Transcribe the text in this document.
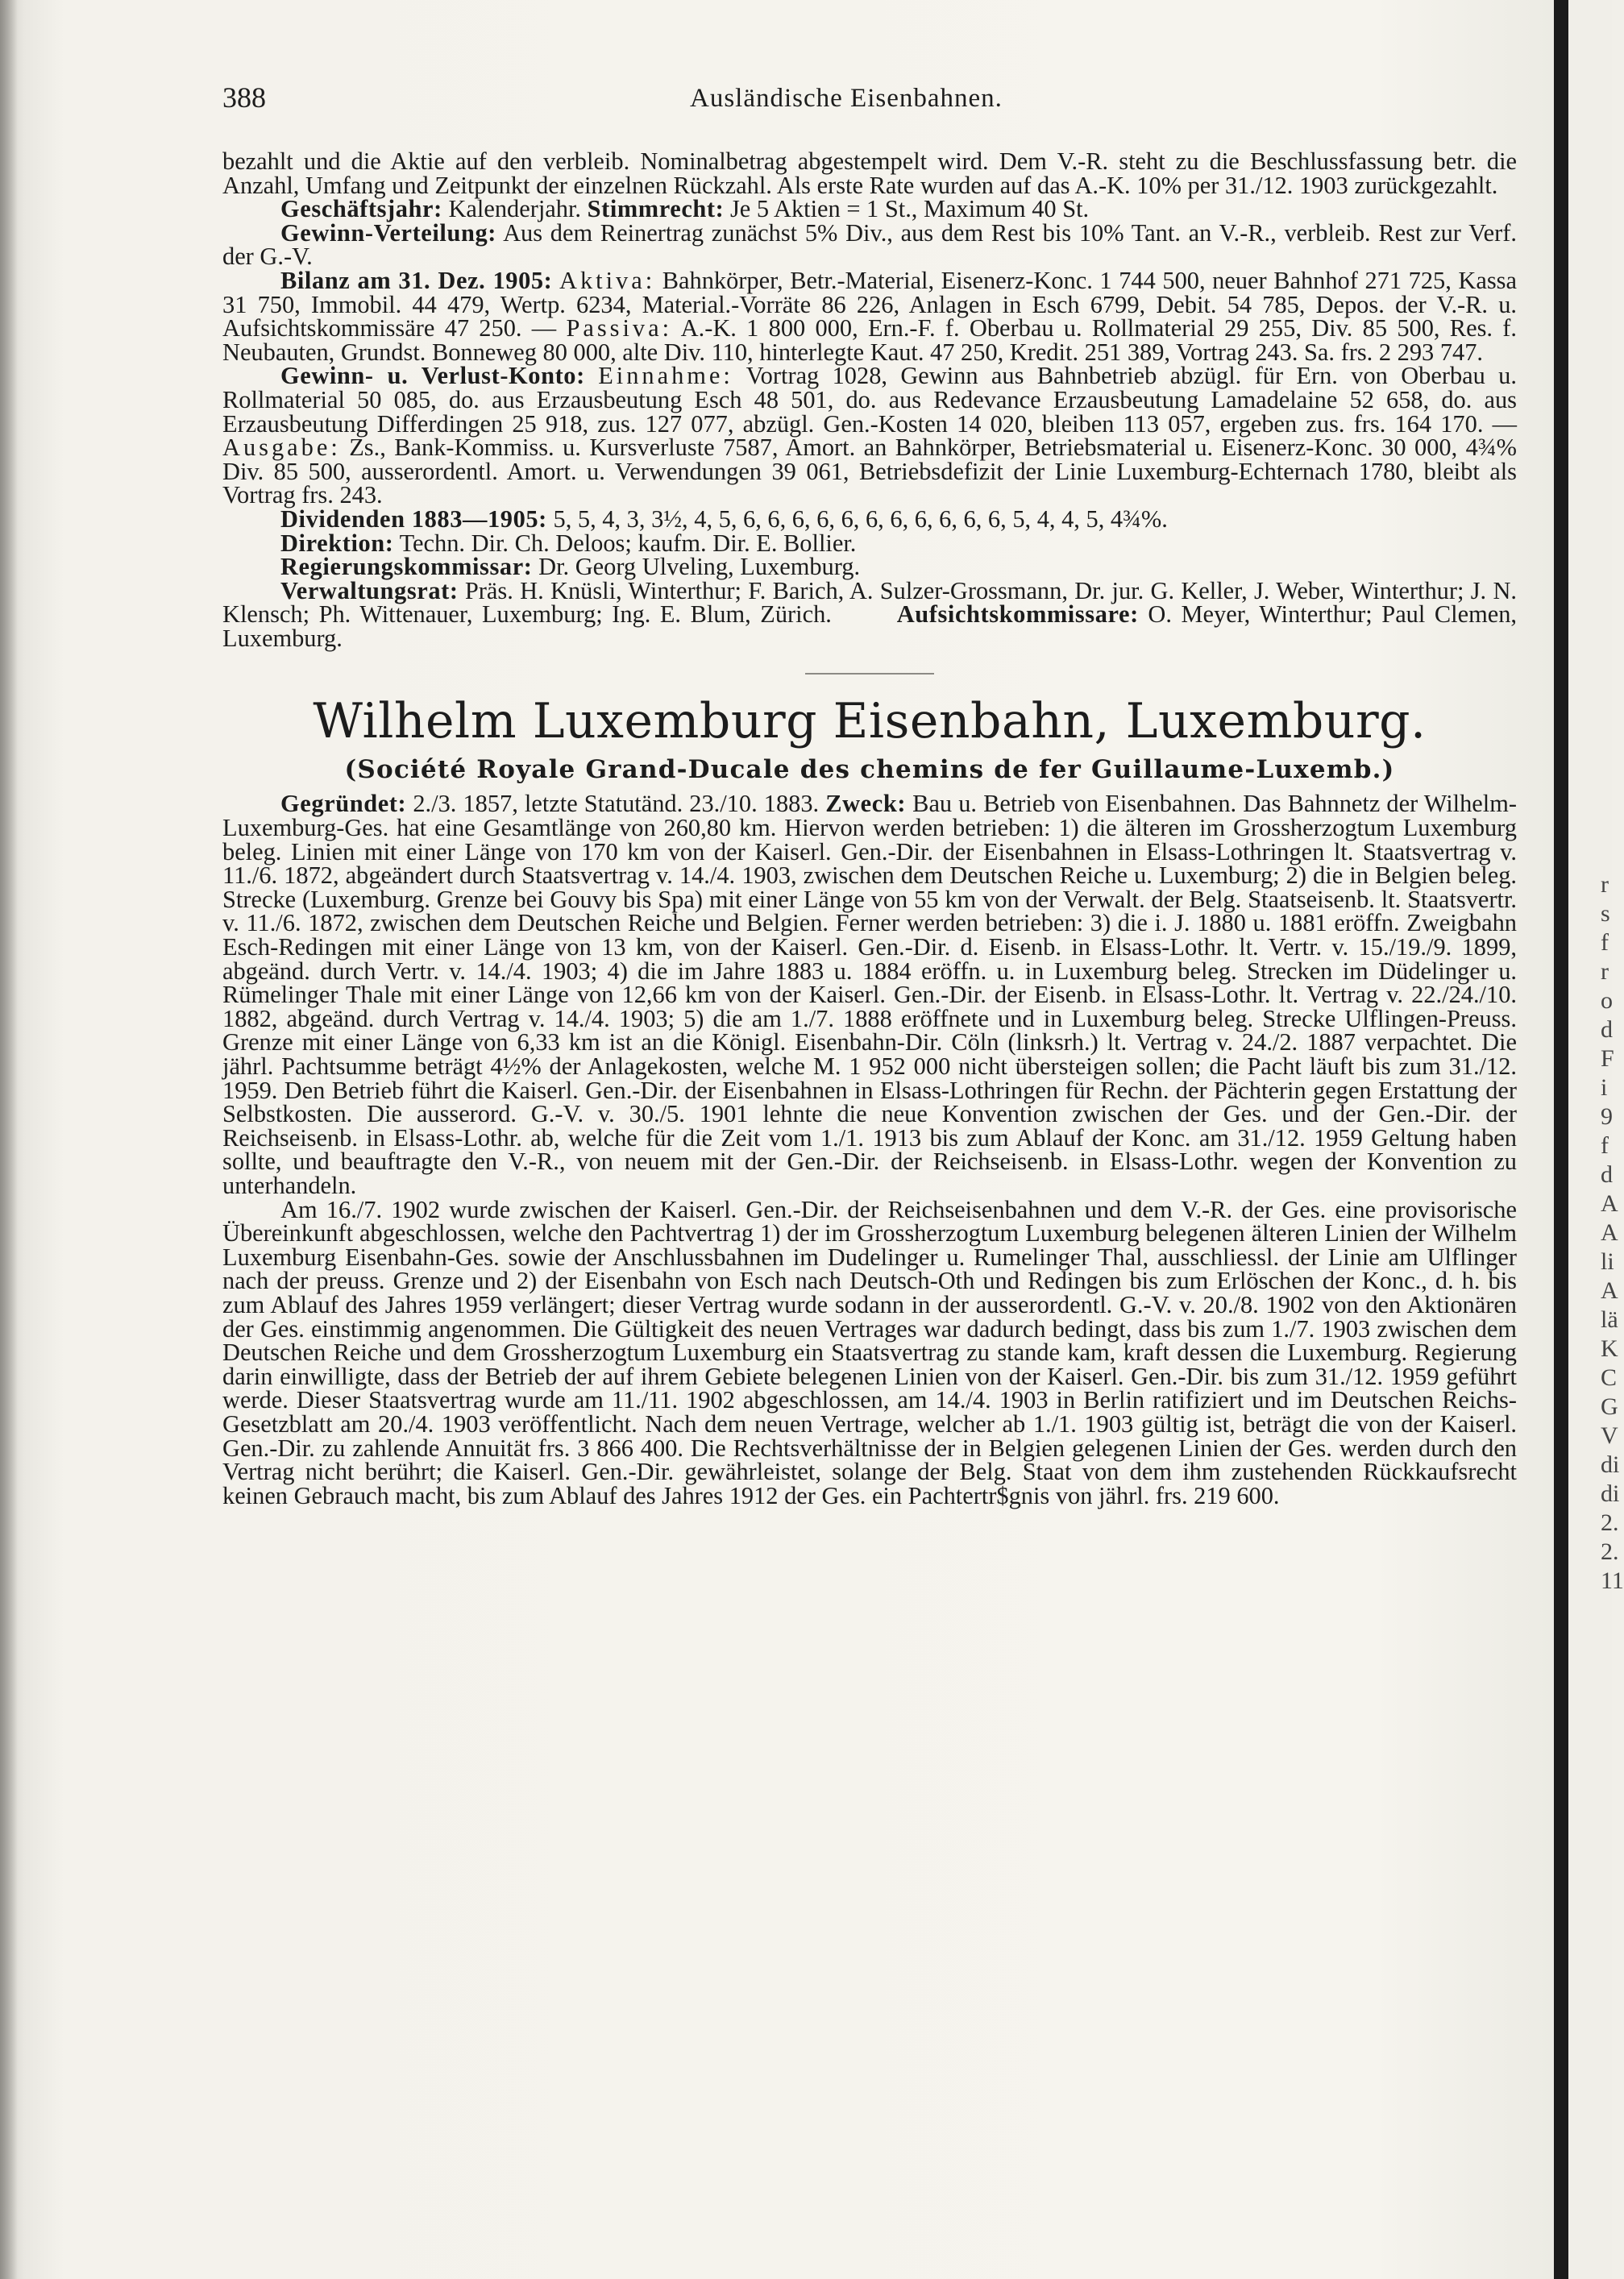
r
s
f
r
o
d
F
i
9
f
d
A
A
li
A
lä
K
C
G
V
di
di
2.
2.
11
388	Ausländische Eisenbahnen.

bezahlt und die Aktie auf den verbleib. Nominalbetrag abgestempelt wird. Dem V.-R. steht zu die Beschlussfassung betr. die Anzahl, Umfang und Zeitpunkt der einzelnen Rückzahl. Als erste Rate wurden auf das A.-K. 10% per 31./12. 1903 zurückgezahlt.

Geschäftsjahr: Kalenderjahr. Stimmrecht: Je 5 Aktien = 1 St., Maximum 40 St.

Gewinn-Verteilung: Aus dem Reinertrag zunächst 5% Div., aus dem Rest bis 10% Tant. an V.-R., verbleib. Rest zur Verf. der G.-V.

Bilanz am 31. Dez. 1905: Aktiva: Bahnkörper, Betr.-Material, Eisenerz-Konc. 1 744 500, neuer Bahnhof 271 725, Kassa 31 750, Immobil. 44 479, Wertp. 6234, Material.-Vorräte 86 226, Anlagen in Esch 6799, Debit. 54 785, Depos. der V.-R. u. Aufsichtskommissäre 47 250. — Passiva: A.-K. 1 800 000, Ern.-F. f. Oberbau u. Rollmaterial 29 255, Div. 85 500, Res. f. Neubauten, Grundst. Bonneweg 80 000, alte Div. 110, hinterlegte Kaut. 47 250, Kredit. 251 389, Vortrag 243. Sa. frs. 2 293 747.

Gewinn- u. Verlust-Konto: Einnahme: Vortrag 1028, Gewinn aus Bahnbetrieb abzügl. für Ern. von Oberbau u. Rollmaterial 50 085, do. aus Erzausbeutung Esch 48 501, do. aus Redevance Erzausbeutung Lamadelaine 52 658, do. aus Erzausbeutung Differdingen 25 918, zus. 127 077, abzügl. Gen.-Kosten 14 020, bleiben 113 057, ergeben zus. frs. 164 170. — Ausgabe: Zs., Bank-Kommiss. u. Kursverluste 7587, Amort. an Bahnkörper, Betriebsmaterial u. Eisenerz-Konc. 30 000, 4¾% Div. 85 500, ausserordentl. Amort. u. Verwendungen 39 061, Betriebsdefizit der Linie Luxemburg-Echternach 1780, bleibt als Vortrag frs. 243.

Dividenden 1883—1905: 5, 5, 4, 3, 3½, 4, 5, 6, 6, 6, 6, 6, 6, 6, 6, 6, 6, 6, 5, 4, 4, 5, 4¾%.

Direktion: Techn. Dir. Ch. Deloos; kaufm. Dir. E. Bollier.

Regierungskommissar: Dr. Georg Ulveling, Luxemburg.

Verwaltungsrat: Präs. H. Knüsli, Winterthur; F. Barich, A. Sulzer-Grossmann, Dr. jur. G. Keller, J. Weber, Winterthur; J. N. Klensch; Ph. Wittenauer, Luxemburg; Ing. E. Blum, Zürich.	Aufsichtskommissare: O. Meyer, Winterthur; Paul Clemen, Luxemburg.

Wilhelm Luxemburg Eisenbahn, Luxemburg.
(Société Royale Grand-Ducale des chemins de fer Guillaume-Luxemb.)

Gegründet: 2./3. 1857, letzte Statutänd. 23./10. 1883. Zweck: Bau u. Betrieb von Eisenbahnen. Das Bahnnetz der Wilhelm-Luxemburg-Ges. hat eine Gesamtlänge von 260,80 km. Hiervon werden betrieben: 1) die älteren im Grossherzogtum Luxemburg beleg. Linien mit einer Länge von 170 km von der Kaiserl. Gen.-Dir. der Eisenbahnen in Elsass-Lothringen lt. Staatsvertrag v. 11./6. 1872, abgeändert durch Staatsvertrag v. 14./4. 1903, zwischen dem Deutschen Reiche u. Luxemburg; 2) die in Belgien beleg. Strecke (Luxemburg. Grenze bei Gouvy bis Spa) mit einer Länge von 55 km von der Verwalt. der Belg. Staatseisenb. lt. Staatsvertr. v. 11./6. 1872, zwischen dem Deutschen Reiche und Belgien. Ferner werden betrieben: 3) die i. J. 1880 u. 1881 eröffn. Zweigbahn Esch-Redingen mit einer Länge von 13 km, von der Kaiserl. Gen.-Dir. d. Eisenb. in Elsass-Lothr. lt. Vertr. v. 15./19./9. 1899, abgeänd. durch Vertr. v. 14./4. 1903; 4) die im Jahre 1883 u. 1884 eröffn. u. in Luxemburg beleg. Strecken im Düdelinger u. Rümelinger Thale mit einer Länge von 12,66 km von der Kaiserl. Gen.-Dir. der Eisenb. in Elsass-Lothr. lt. Vertrag v. 22./24./10. 1882, abgeänd. durch Vertrag v. 14./4. 1903; 5) die am 1./7. 1888 eröffnete und in Luxemburg beleg. Strecke Ulflingen-Preuss. Grenze mit einer Länge von 6,33 km ist an die Königl. Eisenbahn-Dir. Cöln (linksrh.) lt. Vertrag v. 24./2. 1887 verpachtet. Die jährl. Pachtsumme beträgt 4½% der Anlagekosten, welche M. 1 952 000 nicht übersteigen sollen; die Pacht läuft bis zum 31./12. 1959. Den Betrieb führt die Kaiserl. Gen.-Dir. der Eisenbahnen in Elsass-Lothringen für Rechn. der Pächterin gegen Erstattung der Selbstkosten. Die ausserord. G.-V. v. 30./5. 1901 lehnte die neue Konvention zwischen der Ges. und der Gen.-Dir. der Reichseisenb. in Elsass-Lothr. ab, welche für die Zeit vom 1./1. 1913 bis zum Ablauf der Konc. am 31./12. 1959 Geltung haben sollte, und beauftragte den V.-R., von neuem mit der Gen.-Dir. der Reichseisenb. in Elsass-Lothr. wegen der Konvention zu unterhandeln.

Am 16./7. 1902 wurde zwischen der Kaiserl. Gen.-Dir. der Reichseisenbahnen und dem V.-R. der Ges. eine provisorische Übereinkunft abgeschlossen, welche den Pachtvertrag 1) der im Grossherzogtum Luxemburg belegenen älteren Linien der Wilhelm Luxemburg Eisenbahn-Ges. sowie der Anschlussbahnen im Dudelinger u. Rumelinger Thal, ausschliessl. der Linie am Ulflinger nach der preuss. Grenze und 2) der Eisenbahn von Esch nach Deutsch-Oth und Redingen bis zum Erlöschen der Konc., d. h. bis zum Ablauf des Jahres 1959 verlängert; dieser Vertrag wurde sodann in der ausserordentl. G.-V. v. 20./8. 1902 von den Aktionären der Ges. einstimmig angenommen. Die Gültigkeit des neuen Vertrages war dadurch bedingt, dass bis zum 1./7. 1903 zwischen dem Deutschen Reiche und dem Grossherzogtum Luxemburg ein Staatsvertrag zu stande kam, kraft dessen die Luxemburg. Regierung darin einwilligte, dass der Betrieb der auf ihrem Gebiete belegenen Linien von der Kaiserl. Gen.-Dir. bis zum 31./12. 1959 geführt werde. Dieser Staatsvertrag wurde am 11./11. 1902 abgeschlossen, am 14./4. 1903 in Berlin ratifiziert und im Deutschen Reichs-Gesetzblatt am 20./4. 1903 veröffentlicht. Nach dem neuen Vertrage, welcher ab 1./1. 1903 gültig ist, beträgt die von der Kaiserl. Gen.-Dir. zu zahlende Annuität frs. 3 866 400. Die Rechtsverhältnisse der in Belgien gelegenen Linien der Ges. werden durch den Vertrag nicht berührt; die Kaiserl. Gen.-Dir. gewährleistet, solange der Belg. Staat von dem ihm zustehenden Rückkaufsrecht keinen Gebrauch macht, bis zum Ablauf des Jahres 1912 der Ges. ein Pachtertr$gnis von jährl. frs. 219 600.
